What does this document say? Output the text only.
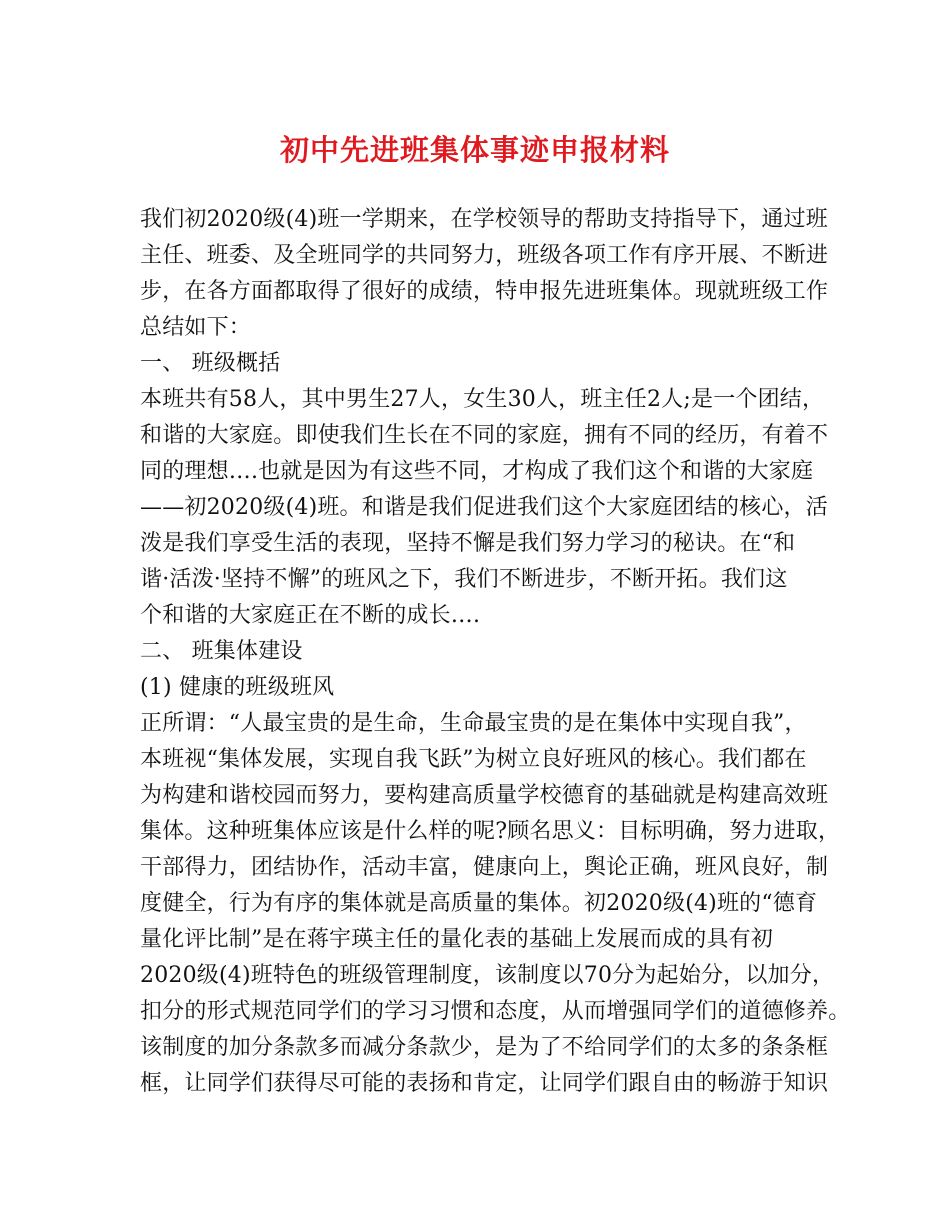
初中先进班集体事迹申报材料
我们初2020级(4)班一学期来，在学校领导的帮助支持指导下，通过班
主任、班委、及全班同学的共同努力，班级各项工作有序开展、不断进
步，在各方面都取得了很好的成绩，特申报先进班集体。现就班级工作
总结如下：
一、 班级概括
本班共有58人，其中男生27人，女生30人，班主任2人;是一个团结，
和谐的大家庭。即使我们生长在不同的家庭，拥有不同的经历，有着不
同的理想….也就是因为有这些不同，才构成了我们这个和谐的大家庭
——初2020级(4)班。和谐是我们促进我们这个大家庭团结的核心，活
泼是我们享受生活的表现，坚持不懈是我们努力学习的秘诀。在“和
谐·活泼·坚持不懈”的班风之下，我们不断进步，不断开拓。我们这
个和谐的大家庭正在不断的成长….
二、 班集体建设
(1) 健康的班级班风
正所谓：“人最宝贵的是生命，生命最宝贵的是在集体中实现自我”，
本班视“集体发展，实现自我飞跃”为树立良好班风的核心。我们都在
为构建和谐校园而努力，要构建高质量学校德育的基础就是构建高效班
集体。这种班集体应该是什么样的呢?顾名思义：目标明确，努力进取，
干部得力，团结协作，活动丰富，健康向上，舆论正确，班风良好，制
度健全，行为有序的集体就是高质量的集体。初2020级(4)班的“德育
量化评比制”是在蒋宇瑛主任的量化表的基础上发展而成的具有初
2020级(4)班特色的班级管理制度，该制度以70分为起始分，以加分，
扣分的形式规范同学们的学习习惯和态度，从而增强同学们的道德修养。
该制度的加分条款多而减分条款少，是为了不给同学们的太多的条条框
框，让同学们获得尽可能的表扬和肯定，让同学们跟自由的畅游于知识
